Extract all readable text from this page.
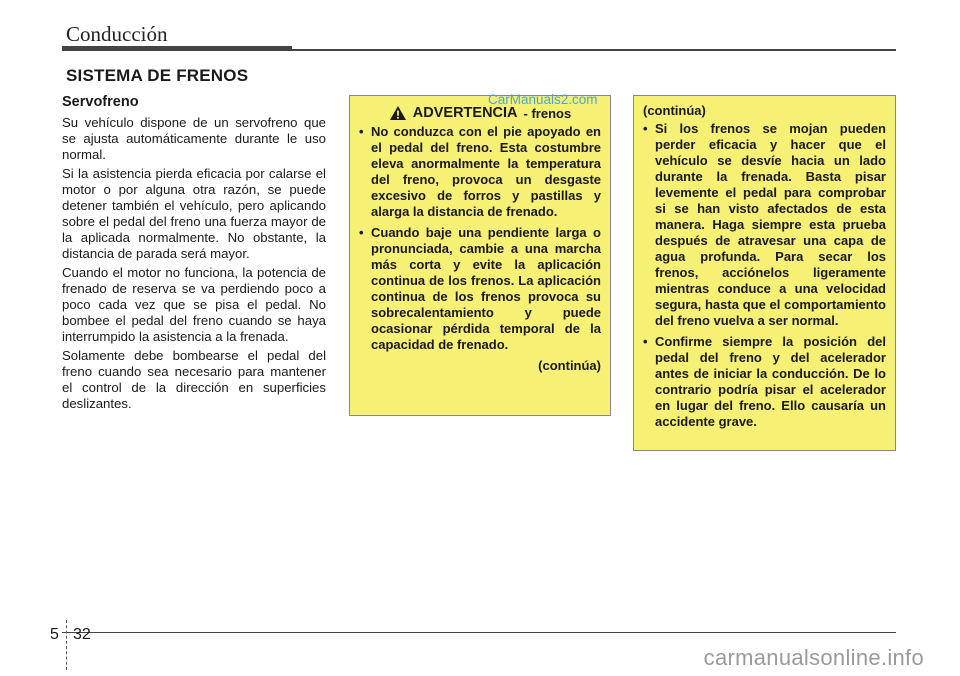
Conducción
SISTEMA DE FRENOS
Servofreno

Su vehículo dispone de un servofreno que se ajusta automáticamente durante le uso normal.

Si la asistencia pierda eficacia por calarse el motor o por alguna otra razón, se puede detener también el vehículo, pero aplicando sobre el pedal del freno una fuerza mayor de la aplicada normalmente. No obstante, la distancia de parada será mayor.

Cuando el motor no funciona, la potencia de frenado de reserva se va perdiendo poco a poco cada vez que se pisa el pedal. No bombee el pedal del freno cuando se haya interrumpido la asistencia a la frenada.

Solamente debe bombearse el pedal del freno cuando sea necesario para mantener el control de la dirección en superficies deslizantes.

ADVERTENCIA - frenos
• No conduzca con el pie apoyado en el pedal del freno. Esta costumbre eleva anormalmente la temperatura del freno, provoca un desgaste excesivo de forros y pastillas y alarga la distancia de frenado.
• Cuando baje una pendiente larga o pronunciada, cambie a una marcha más corta y evite la aplicación continua de los frenos. La aplicación continua de los frenos provoca su sobrecalentamiento y puede ocasionar pérdida temporal de la capacidad de frenado.
(continúa)
CarManuals2.com
(continúa)
• Si los frenos se mojan pueden perder eficacia y hacer que el vehículo se desvíe hacia un lado durante la frenada. Basta pisar levemente el pedal para comprobar si se han visto afectados de esta manera. Haga siempre esta prueba después de atravesar una capa de agua profunda. Para secar los frenos, acciónelos ligeramente mientras conduce a una velocidad segura, hasta que el comportamiento del freno vuelva a ser normal.
• Confirme siempre la posición del pedal del freno y del acelerador antes de iniciar la conducción. De lo contrario podría pisar el acelerador en lugar del freno. Ello causaría un accidente grave.
5 32
carmanualsonline.info
